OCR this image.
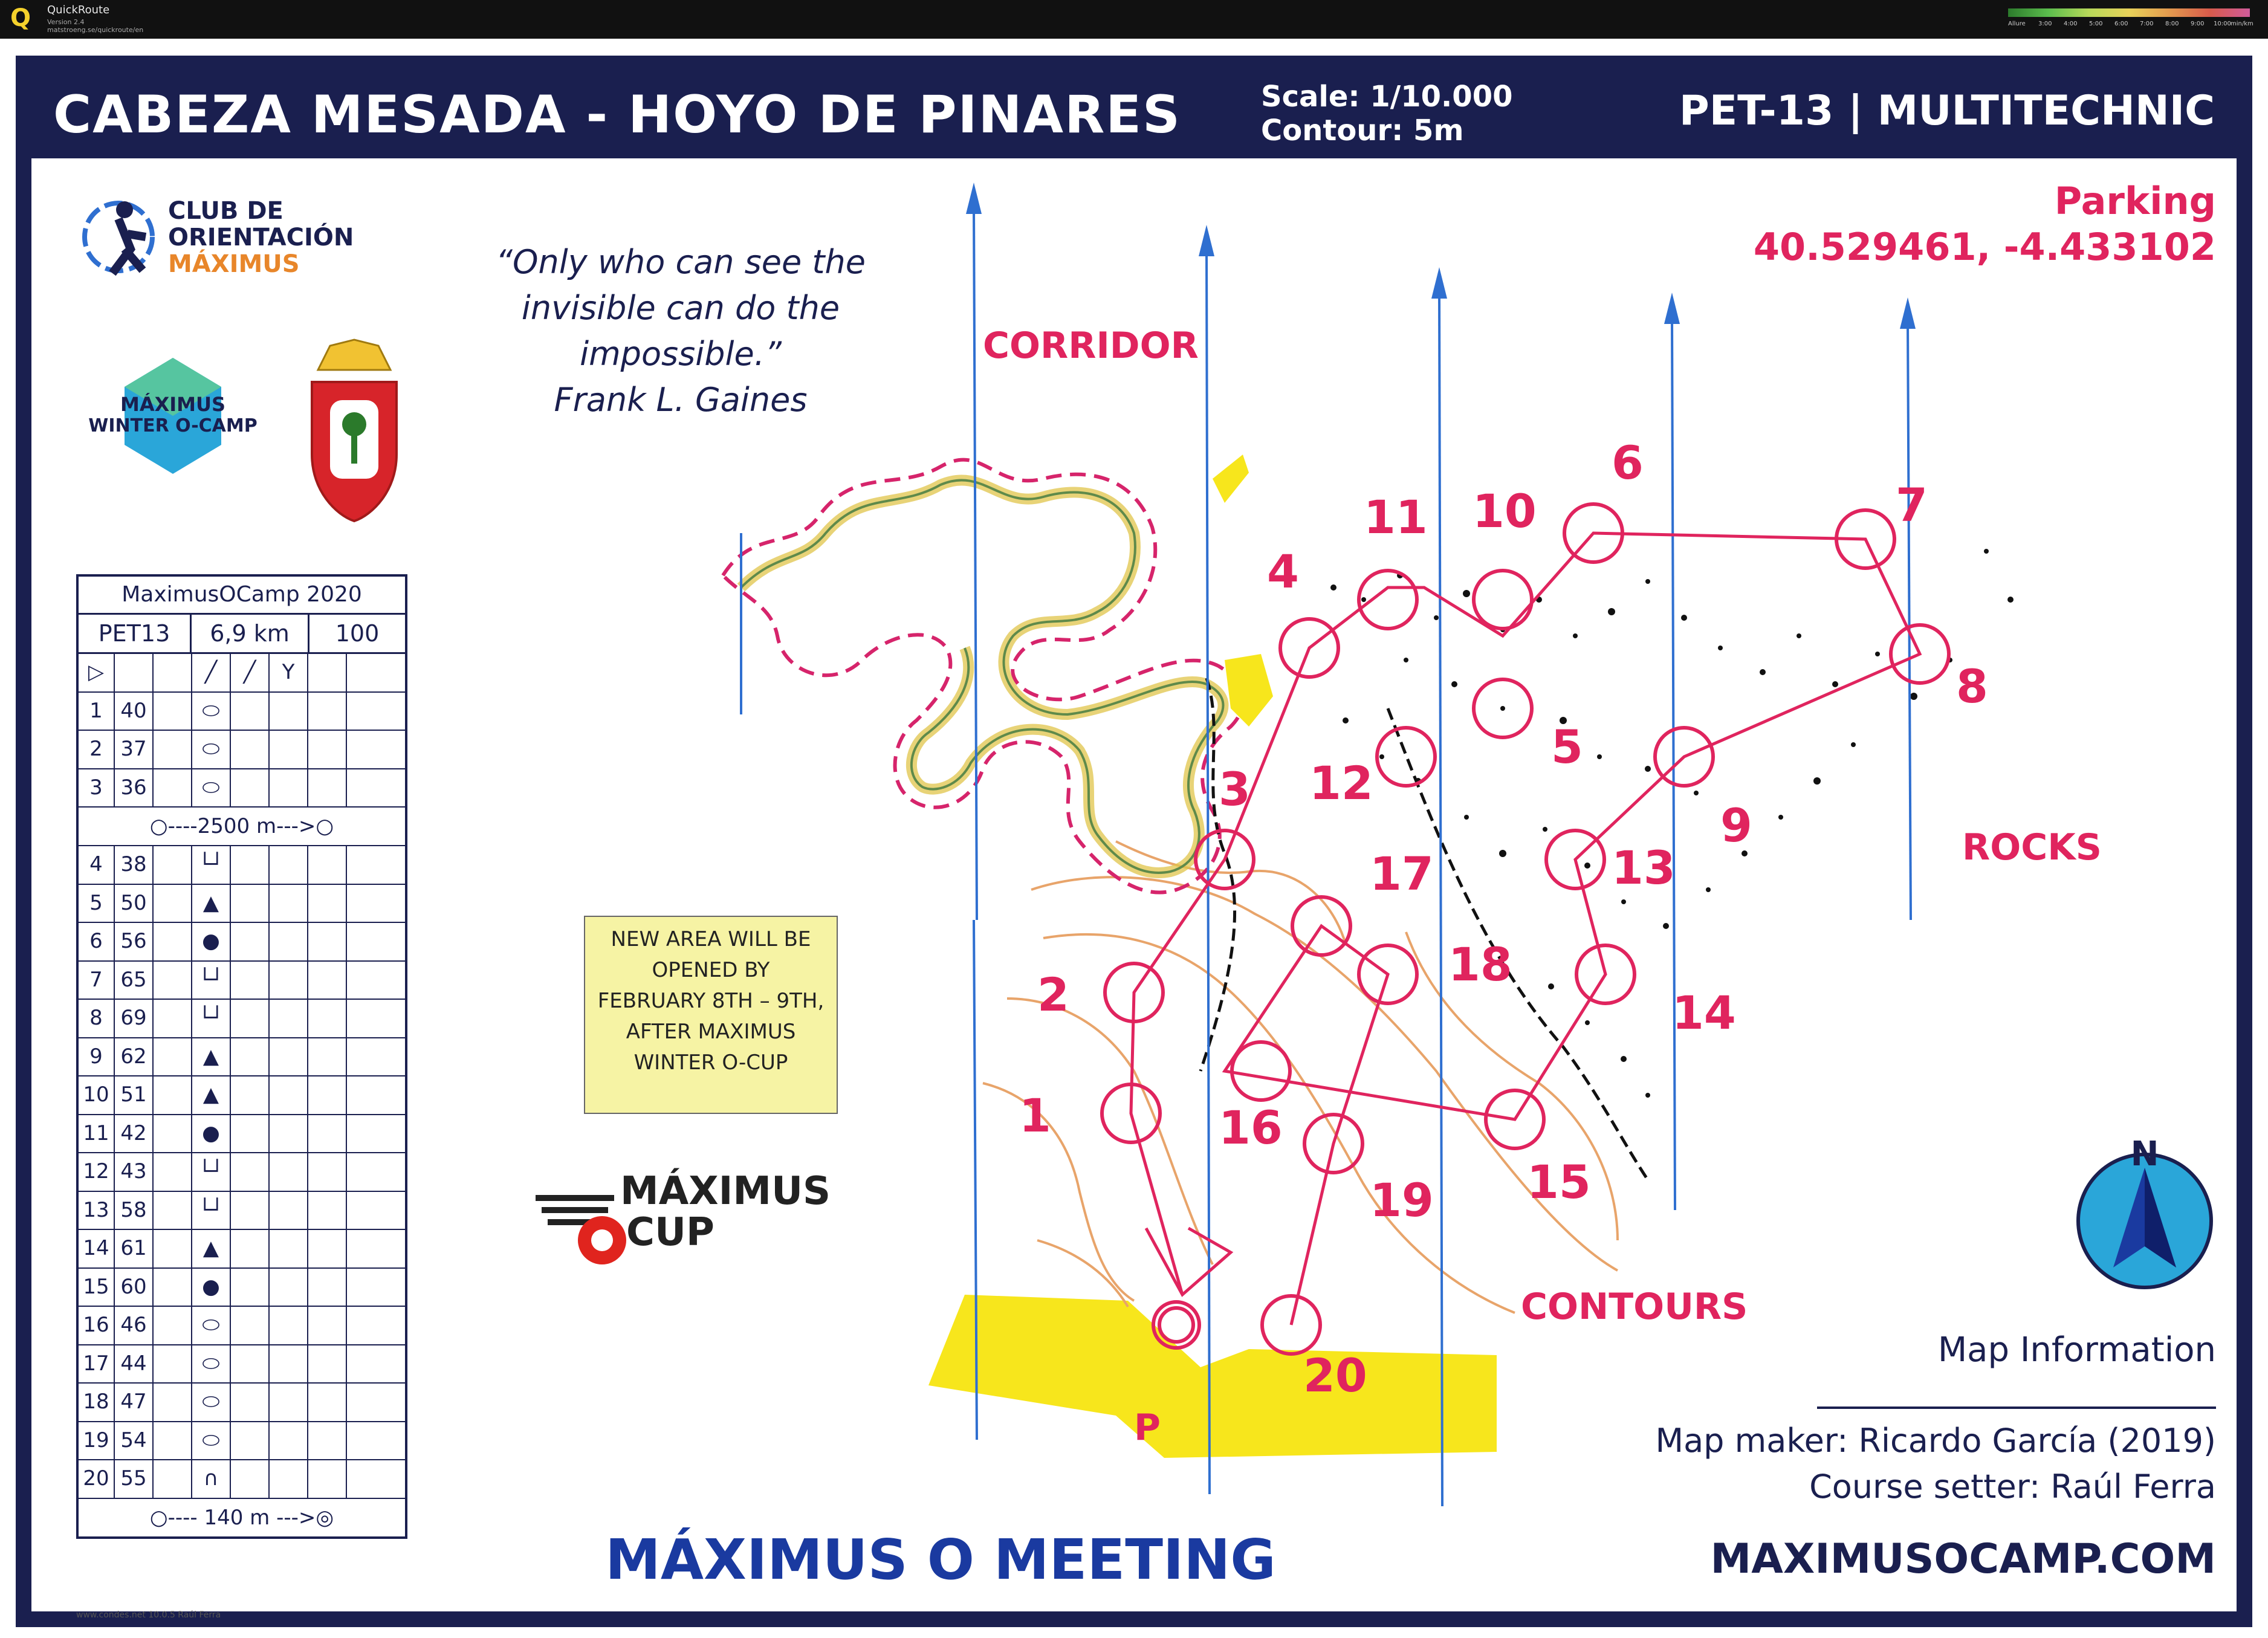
Q QuickRoute
Version 2.4
matstroeng.se/quickroute/en
Allure 3:00 4:00 5:00 6:00 7:00 8:00 9:00 10:00 min/km
CABEZA MESADA - HOYO DE PINARES	Scale: 1/10.000
Contour: 5m	PET-13 | MULTITECHNIC
1
2
3
4
5
6
7
8
9
10
11
12
13
14
15
16
17
18
19
20
CORRIDOR
ROCKS
CONTOURS
P
Parking
40.529461, -4.433102
CLUB DE
ORIENTACIÓN
MÁXIMUS
MÁXIMUS
WINTER O-CAMP
“Only who can see the
invisible can do the
impossible.”
Frank L. Gaines
MÁXIMUS
CUP
MÁXIMUS O MEETING
N
Map Information
Map maker: Ricardo García (2019)
Course setter: Raúl Ferra
MAXIMUSOCAMP.COM
NEW AREA WILL BE
OPENED BY
FEBRUARY 8TH – 9TH,
AFTER MAXIMUS
WINTER O-CUP
MaximusOCamp 2020
PET13	6,9 km	100
▷	╱	╱	Y
1 40	⬭
2 37	⬭
3 36	⬭
○----2500 m--->○
4 38	└┘
5 50	▲
6 56	●
7 65	└┘
8 69	└┘
9 62	▲
10 51	▲
11 42	●
12 43	└┘
13 58	└┘
14 61	▲
15 60	●
16 46	⬭
17 44	⬭
18 47	⬭
19 54	⬭
20 55	∩
○---- 140 m --->◎
www.condes.net 10.0.5 Raúl Ferra
